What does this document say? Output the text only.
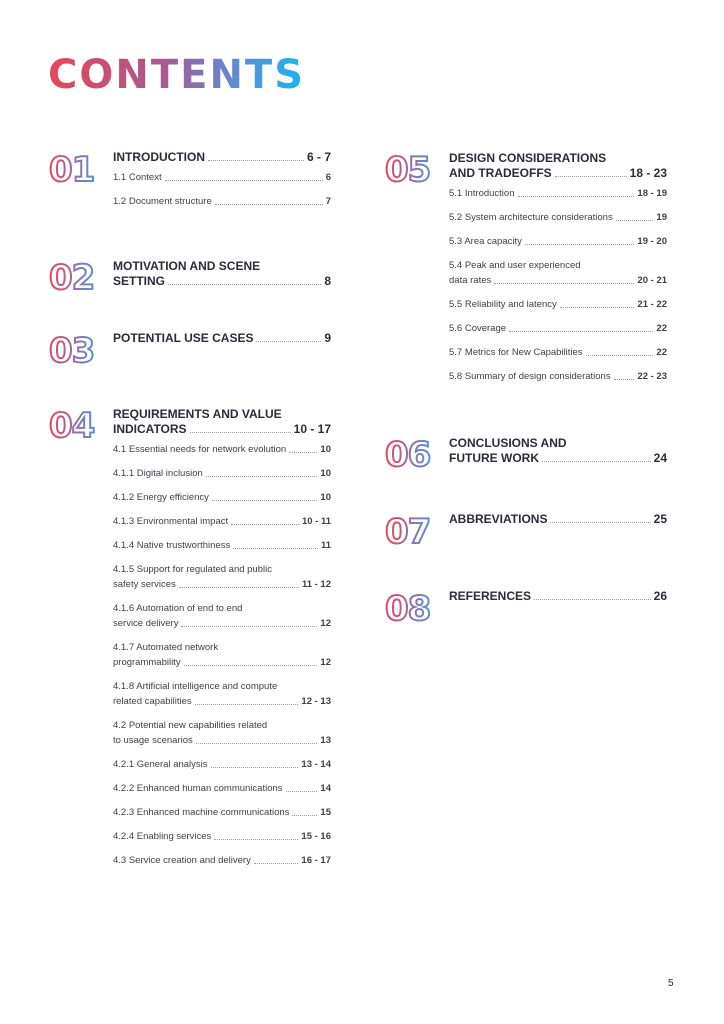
CONTENTS
01 INTRODUCTION	6 - 7
1.1 Context	6
1.2 Document structure	7
02 MOTIVATION AND SCENE
SETTING	8
03 POTENTIAL USE CASES	9
04 REQUIREMENTS AND VALUE
INDICATORS	10 - 17
4.1 Essential needs for network evolution	10
4.1.1 Digital inclusion	10
4.1.2 Energy efficiency	10
4.1.3 Environmental impact	10 - 11
4.1.4 Native trustworthiness	11
4.1.5 Support for regulated and public
safety services	11 - 12
4.1.6 Automation of end to end
service delivery	12
4.1.7 Automated network
programmability	12
4.1.8 Artificial intelligence and compute
related capabilities	12 - 13
4.2 Potential new capabilities related
to usage scenarios	13
4.2.1 General analysis	13 - 14
4.2.2 Enhanced human communications	14
4.2.3 Enhanced machine communications	15
4.2.4 Enabling services	15 - 16
4.3 Service creation and delivery	16 - 17
05 DESIGN CONSIDERATIONS
AND TRADEOFFS	18 - 23
5.1 Introduction	18 - 19
5.2 System architecture considerations	19
5.3 Area capacity	19 - 20
5.4 Peak and user experienced
data rates	20 - 21
5.5 Reliability and latency	21 - 22
5.6 Coverage	22
5.7 Metrics for New Capabilities	22
5.8 Summary of design considerations	22 - 23
06 CONCLUSIONS AND
FUTURE WORK	24
07 ABBREVIATIONS	25
08 REFERENCES	26
5
